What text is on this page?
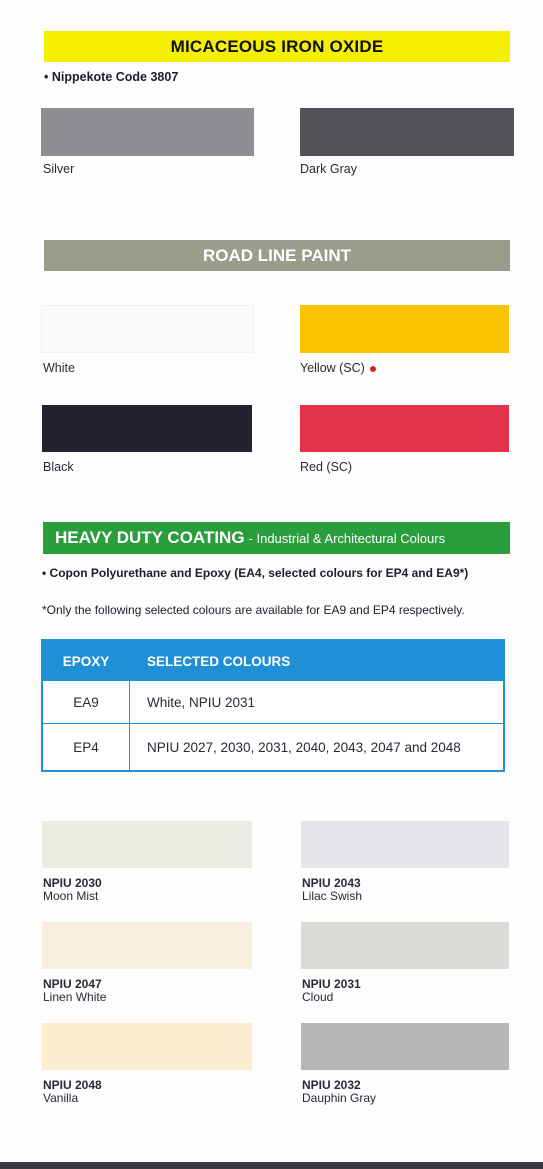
MICACEOUS IRON OXIDE
• Nippekote Code 3807
Silver	Dark Gray
ROAD LINE PAINT
White	Yellow (SC)
Black	Red (SC)
HEAVY DUTY COATING - Industrial & Architectural Colours
• Copon Polyurethane and Epoxy (EA4, selected colours for EP4 and EA9*)
*Only the following selected colours are available for EA9 and EP4 respectively.
EPOXY	SELECTED COLOURS
EA9	White, NPIU 2031
EP4	NPIU 2027, 2030, 2031, 2040, 2043, 2047 and 2048
NPIU 2030
Moon Mist
NPIU 2043
Lilac Swish
NPIU 2047
Linen White
NPIU 2031
Cloud
NPIU 2048
Vanilla
NPIU 2032
Dauphin Gray
